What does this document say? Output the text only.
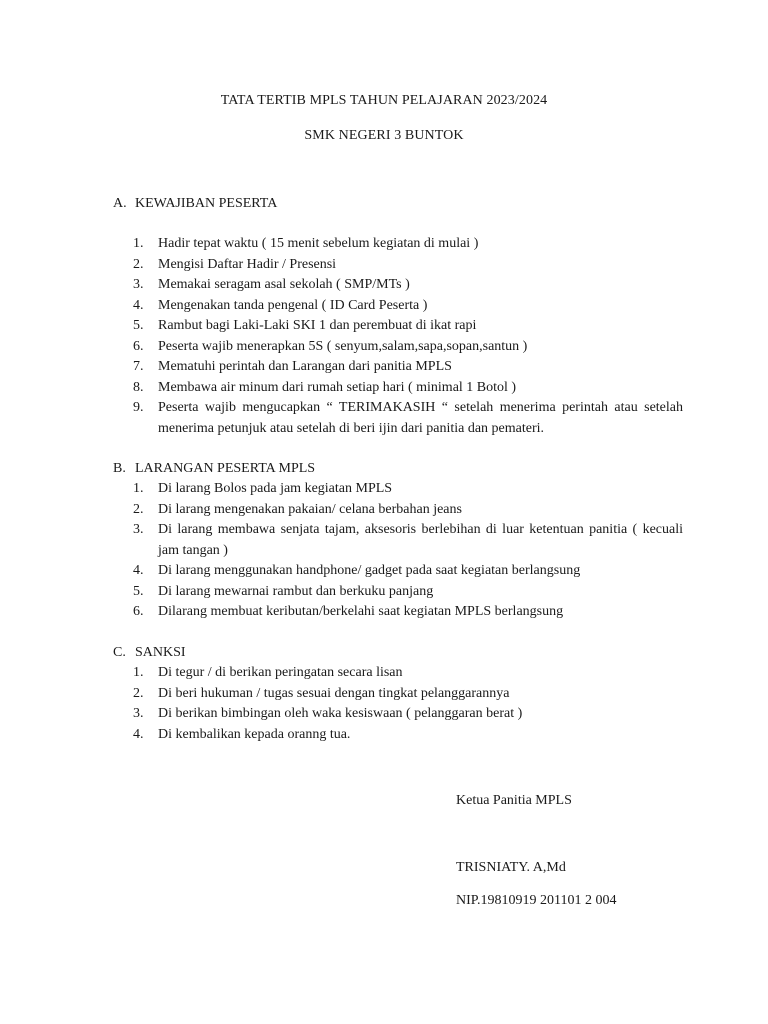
TATA TERTIB MPLS TAHUN PELAJARAN 2023/2024
SMK NEGERI 3 BUNTOK
A. KEWAJIBAN PESERTA
1.	Hadir tepat waktu ( 15 menit sebelum kegiatan di mulai )
2.	Mengisi Daftar Hadir / Presensi
3.	Memakai seragam asal sekolah ( SMP/MTs )
4.	Mengenakan tanda pengenal ( ID Card Peserta )
5.	Rambut bagi Laki-Laki SKI 1 dan perembuat di ikat rapi
6.	Peserta wajib menerapkan 5S ( senyum,salam,sapa,sopan,santun )
7.	Mematuhi perintah dan Larangan dari panitia MPLS
8.	Membawa air minum dari rumah setiap hari ( minimal 1 Botol )
9.	Peserta wajib mengucapkan “ TERIMAKASIH “ setelah menerima perintah atau setelah menerima petunjuk atau setelah di beri ijin dari panitia dan pemateri.
B. LARANGAN PESERTA MPLS
1.	Di larang Bolos pada jam kegiatan MPLS
2.	Di larang mengenakan pakaian/ celana berbahan jeans
3.	Di larang membawa senjata tajam, aksesoris berlebihan di luar ketentuan panitia ( kecuali jam tangan )
4.	Di larang menggunakan handphone/ gadget pada saat kegiatan berlangsung
5.	Di larang mewarnai rambut dan berkuku panjang
6.	Dilarang membuat keributan/berkelahi saat kegiatan MPLS berlangsung
C. SANKSI
1.	Di tegur / di berikan peringatan secara lisan
2.	Di beri hukuman / tugas sesuai dengan tingkat pelanggarannya
3.	Di berikan bimbingan oleh waka kesiswaan ( pelanggaran berat )
4.	Di kembalikan kepada oranng tua.
Ketua Panitia MPLS
TRISNIATY. A,Md
NIP.19810919 201101 2 004
